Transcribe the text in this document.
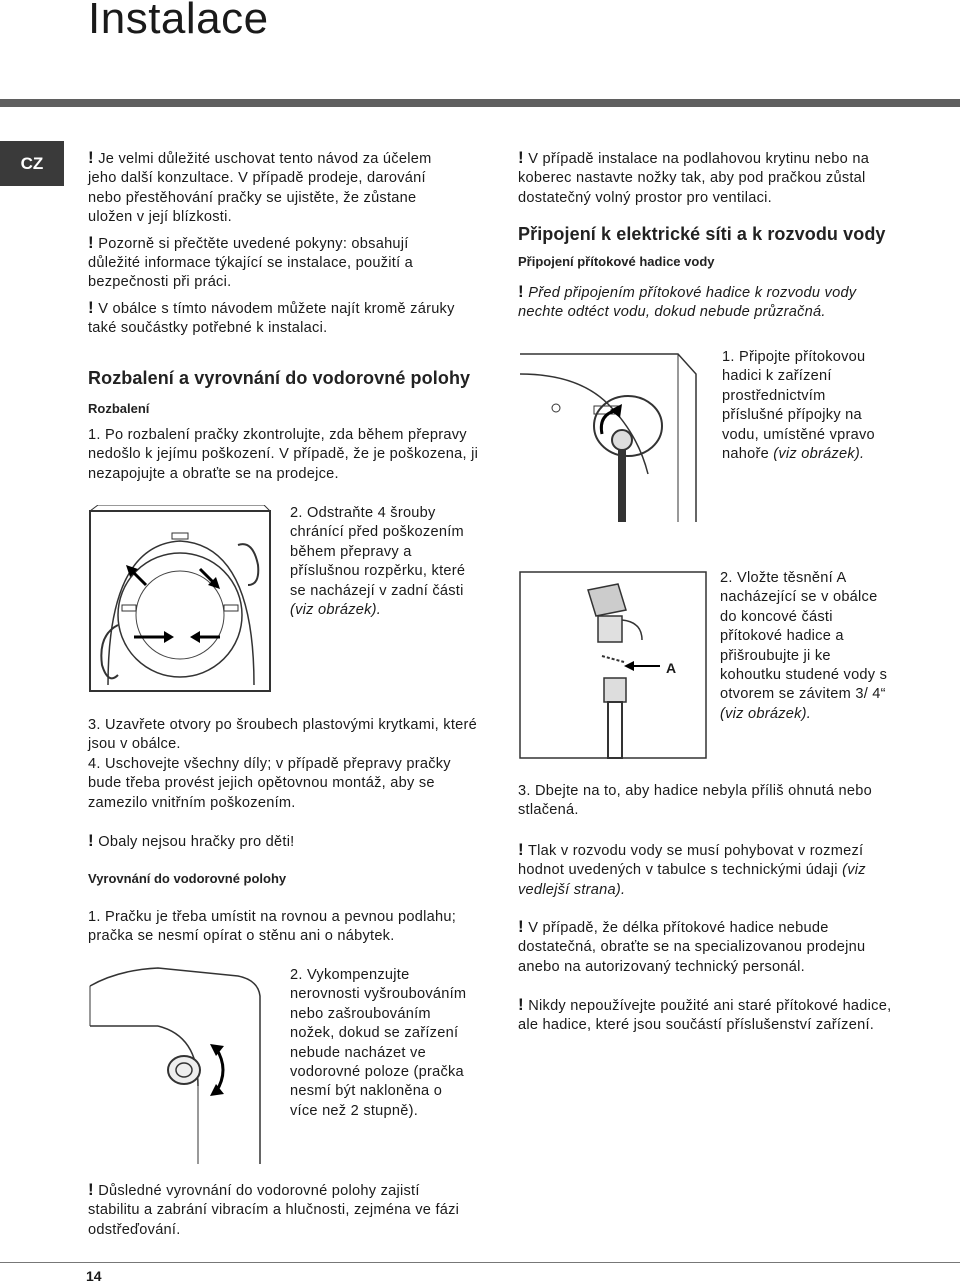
Instalace
CZ	! Je velmi důležité uschovat tento návod za účelem jeho další konzultace. V případě prodeje, darování nebo přestěhování pračky se ujistěte, že zůstane uložen v její blízkosti.

! Pozorně si přečtěte uvedené pokyny: obsahují důležité informace týkající se instalace, použití a bezpečnosti při práci.

! V obálce s tímto návodem můžete najít kromě záruky také součástky potřebné k instalaci.

Rozbalení a vyrovnání do vodorovné polohy
Rozbalení

1. Po rozbalení pračky zkontrolujte, zda během přepravy nedošlo k jejímu poškození. V případě, že je poškozena, ji nezapojujte a obraťte se na prodejce.

2. Odstraňte 4 šrouby chránící před poškozením během přepravy a příslušnou rozpěrku, které se nacházejí v zadní části (viz obrázek).

3. Uzavřete otvory po šroubech plastovými krytkami, které jsou v obálce.

4. Uschovejte všechny díly; v případě přepravy pračky bude třeba provést jejich opětovnou montáž, aby se zamezilo vnitřním poškozením.

! Obaly nejsou hračky pro děti!

Vyrovnání do vodorovné polohy

1. Pračku je třeba umístit na rovnou a pevnou podlahu; pračka se nesmí opírat o stěnu ani o nábytek.

2. Vykompenzujte nerovnosti vyšroubováním nebo zašroubováním nožek, dokud se zařízení nebude nacházet ve vodorovné poloze (pračka nesmí být nakloněna o více než 2 stupně).

! Důsledné vyrovnání do vodorovné polohy zajistí stabilitu a zabrání vibracím a hlučnosti, zejména ve fázi odstřeďování.

! V případě instalace na podlahovou krytinu nebo na koberec nastavte nožky tak, aby pod pračkou zůstal dostatečný volný prostor pro ventilaci.

Připojení k elektrické síti a k rozvodu vody
Připojení přítokové hadice vody

! Před připojením přítokové hadice k rozvodu vody nechte odtéct vodu, dokud nebude průzračná.

1. Připojte přítokovou hadici k zařízení prostřednictvím příslušné přípojky na vodu, umístěné vpravo nahoře (viz obrázek).

A

2. Vložte těsnění A nacházející se v obálce do koncové části přítokové hadice a přišroubujte ji ke kohoutku studené vody s otvorem se závitem 3/ 4“ (viz obrázek).

3. Dbejte na to, aby hadice nebyla příliš ohnutá nebo stlačená.

! Tlak v rozvodu vody se musí pohybovat v rozmezí hodnot uvedených v tabulce s technickými údaji (viz vedlejší strana).

! V případě, že délka přítokové hadice nebude dostatečná, obraťte se na specializovanou prodejnu anebo na autorizovaný technický personál.

! Nikdy nepoužívejte použité ani staré přítokové hadice, ale hadice, které jsou součástí příslušenství zařízení.

14
